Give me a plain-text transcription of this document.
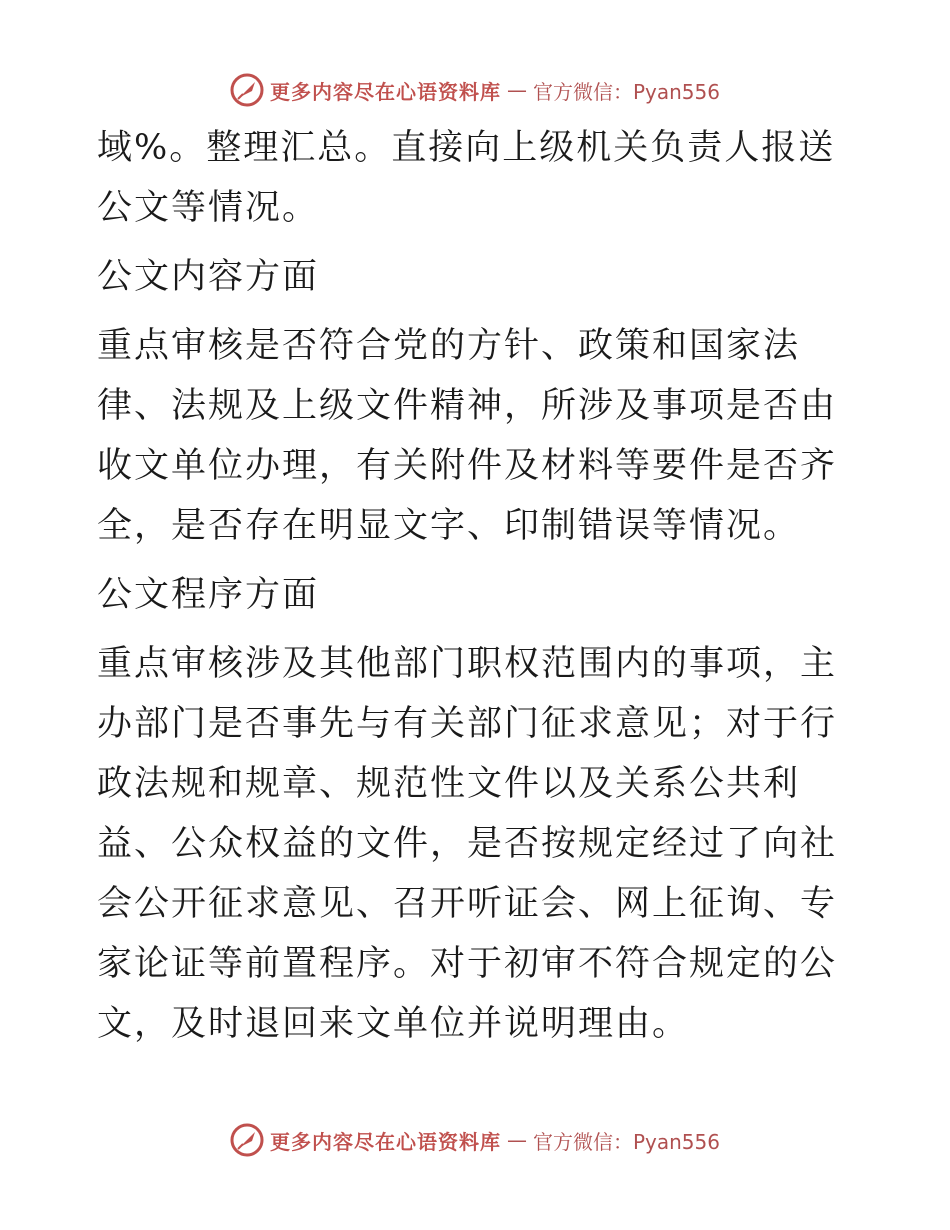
更多内容尽在心语资料库 — 官方微信：Pyan556

域%。整理汇总。直接向上级机关负责人报送公文等情况。

公文内容方面

重点审核是否符合党的方针、政策和国家法律、法规及上级文件精神，所涉及事项是否由收文单位办理，有关附件及材料等要件是否齐全，是否存在明显文字、印制错误等情况。

公文程序方面

重点审核涉及其他部门职权范围内的事项，主办部门是否事先与有关部门征求意见；对于行政法规和规章、规范性文件以及关系公共利益、公众权益的文件，是否按规定经过了向社会公开征求意见、召开听证会、网上征询、专家论证等前置程序。对于初审不符合规定的公文，及时退回来文单位并说明理由。

更多内容尽在心语资料库 — 官方微信：Pyan556
